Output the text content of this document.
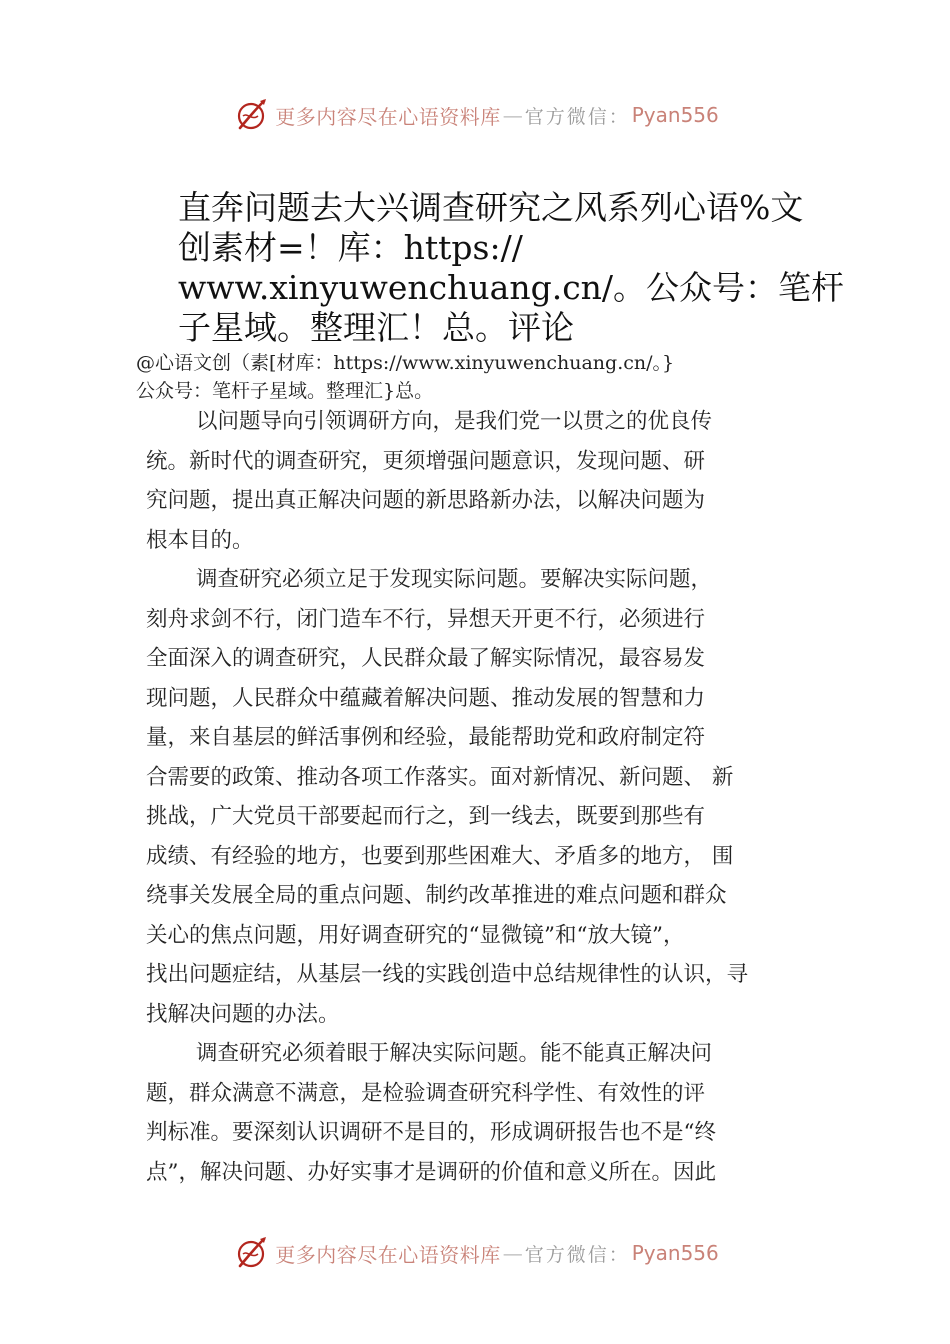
更多内容尽在心语资料库 — 官方微信： Pyan556
直奔问题去大兴调查研究之风系列心语%文
创素材=！库：https://
www.xinyuwenchuang.cn/。公众号：笔杆
子星域。整理汇！总。评论
@心语文创（素[材库：https://www.xinyuwenchuang.cn/。}
公众号：笔杆子星域。整理汇}总。
以问题导向引领调研方向，是我们党一以贯之的优良传
统。新时代的调查研究，更须增强问题意识，发现问题、研
究问题，提出真正解决问题的新思路新办法，以解决问题为
根本目的。
调查研究必须立足于发现实际问题。要解决实际问题，
刻舟求剑不行，闭门造车不行，异想天开更不行，必须进行
全面深入的调查研究，人民群众最了解实际情况，最容易发
现问题，人民群众中蕴藏着解决问题、推动发展的智慧和力
量，来自基层的鲜活事例和经验，最能帮助党和政府制定符
合需要的政策、推动各项工作落实。面对新情况、新问题、 新
挑战，广大党员干部要起而行之，到一线去，既要到那些有
成绩、有经验的地方，也要到那些困难大、矛盾多的地方， 围
绕事关发展全局的重点问题、制约改革推进的难点问题和群众
关心的焦点问题，用好调查研究的“显微镜”和“放大镜”，
找出问题症结，从基层一线的实践创造中总结规律性的认识，寻
找解决问题的办法。
调查研究必须着眼于解决实际问题。能不能真正解决问
题，群众满意不满意，是检验调查研究科学性、有效性的评
判标准。要深刻认识调研不是目的，形成调研报告也不是“终
点”，解决问题、办好实事才是调研的价值和意义所在。因此
更多内容尽在心语资料库 — 官方微信： Pyan556
